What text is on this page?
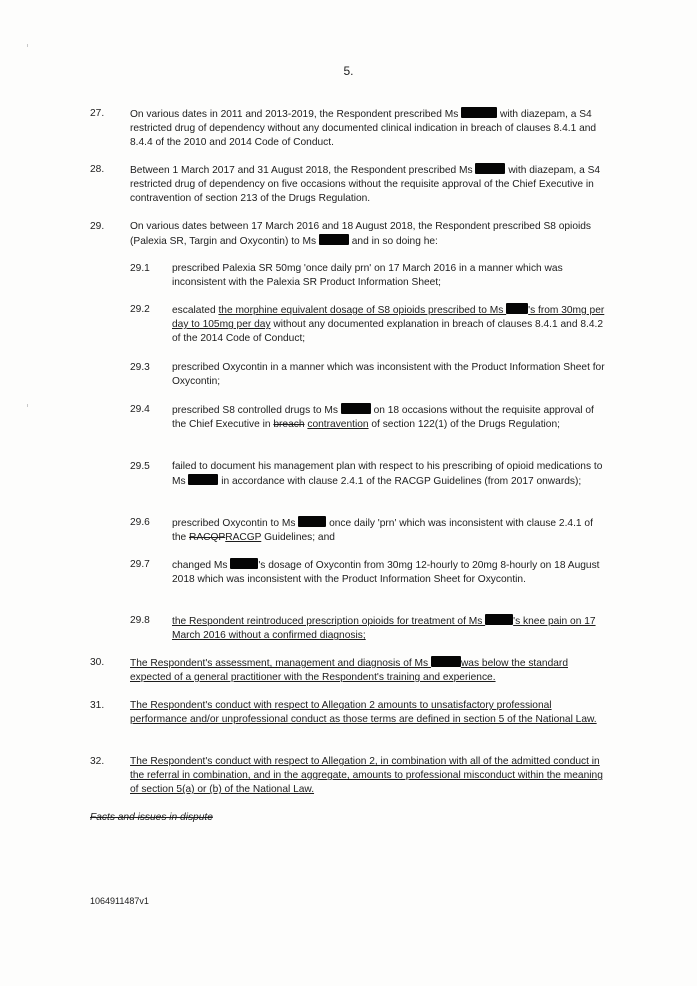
5.
27.	On various dates in 2011 and 2013-2019, the Respondent prescribed Ms	with diazepam, a S4 restricted drug of dependency without any documented clinical indication in breach of clauses 8.4.1 and 8.4.4 of the 2010 and 2014 Code of Conduct.
28.	Between 1 March 2017 and 31 August 2018, the Respondent prescribed Ms	with diazepam, a S4 restricted drug of dependency on five occasions without the requisite approval of the Chief Executive in contravention of section 213 of the Drugs Regulation.
29.	On various dates between 17 March 2016 and 18 August 2018, the Respondent prescribed S8 opioids (Palexia SR, Targin and Oxycontin) to Ms	and in so doing he:
29.1	prescribed Palexia SR 50mg 'once daily prn' on 17 March 2016 in a manner which was inconsistent with the Palexia SR Product Information Sheet;
29.2	escalated the morphine equivalent dosage of S8 opioids prescribed to Ms 's from 30mg per day to 105mg per day without any documented explanation in breach of clauses 8.4.1 and 8.4.2 of the 2014 Code of Conduct;
29.3	prescribed Oxycontin in a manner which was inconsistent with the Product Information Sheet for Oxycontin;
29.4	prescribed S8 controlled drugs to Ms	on 18 occasions without the requisite approval of the Chief Executive in breach contravention of section 122(1) of the Drugs Regulation;
29.5	failed to document his management plan with respect to his prescribing of opioid medications to Ms	in accordance with clause 2.4.1 of the RACGP Guidelines (from 2017 onwards);
29.6	prescribed Oxycontin to Ms	once daily 'prn' which was inconsistent with clause 2.4.1 of the RACQPRACGP Guidelines; and
29.7	changed Ms	's dosage of Oxycontin from 30mg 12-hourly to 20mg 8-hourly on 18 August 2018 which was inconsistent with the Product Information Sheet for Oxycontin.
29.8	the Respondent reintroduced prescription opioids for treatment of Ms	's knee pain on 17 March 2016 without a confirmed diagnosis;
30.	The Respondent's assessment, management and diagnosis of Ms	was below the standard expected of a general practitioner with the Respondent's training and experience.
31.	The Respondent's conduct with respect to Allegation 2 amounts to unsatisfactory professional performance and/or unprofessional conduct as those terms are defined in section 5 of the National Law.
32.	The Respondent's conduct with respect to Allegation 2, in combination with all of the admitted conduct in the referral in combination, and in the aggregate, amounts to professional misconduct within the meaning of section 5(a) or (b) of the National Law.
Facts and issues in dispute
1064911487v1
